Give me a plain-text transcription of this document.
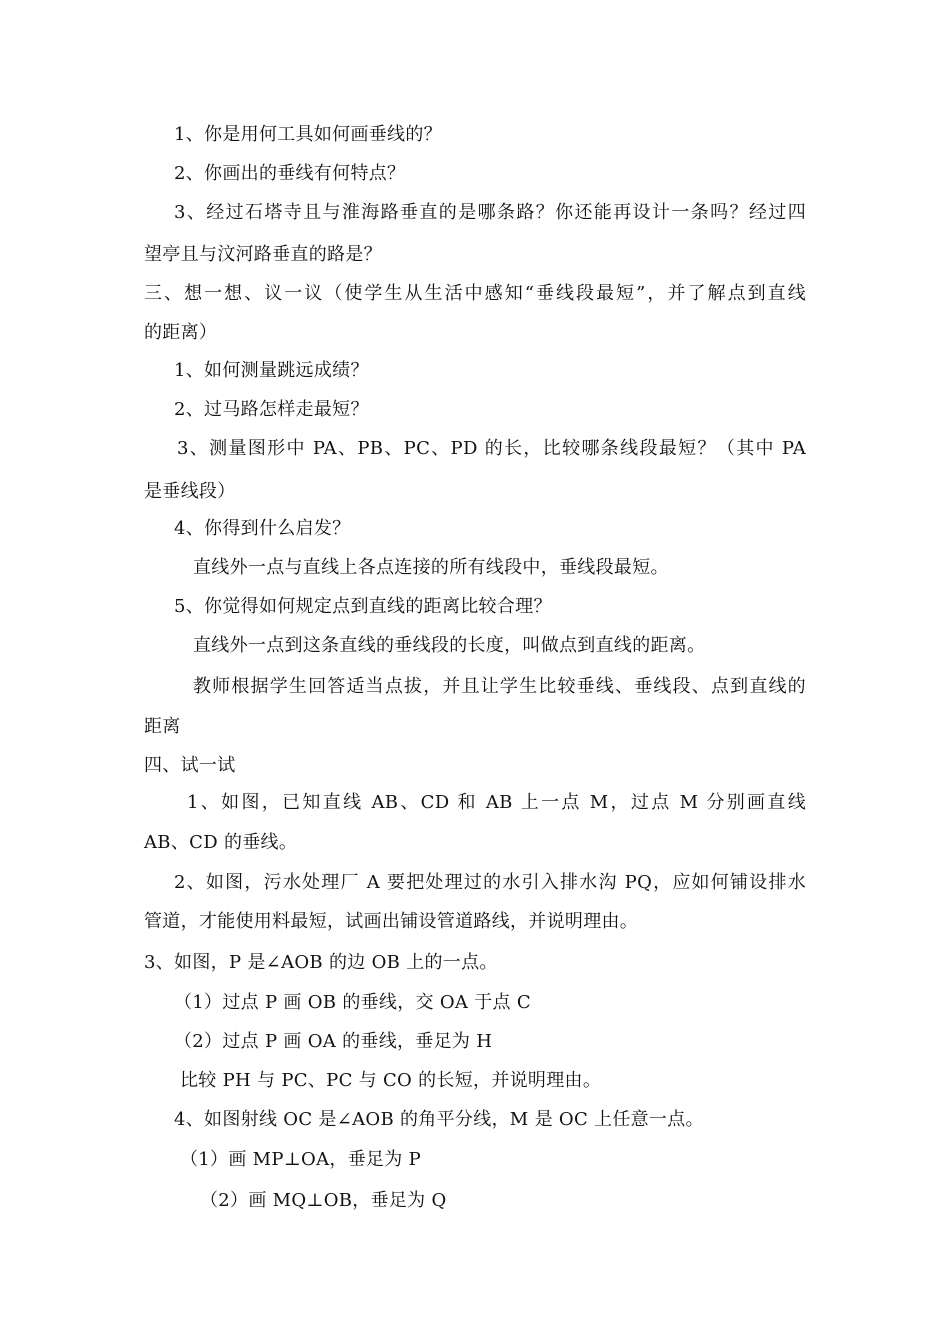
1、你是用何工具如何画垂线的？
2、你画出的垂线有何特点？
3、经过石塔寺且与淮海路垂直的是哪条路？你还能再设计一条吗？经过四
望亭且与汶河路垂直的路是？
三、想一想、议一议（使学生从生活中感知“垂线段最短”，并了解点到直线
的距离）
1、如何测量跳远成绩？
2、过马路怎样走最短？
3、测量图形中 PA、PB、PC、PD 的长，比较哪条线段最短？（其中 PA
是垂线段）
4、你得到什么启发？
直线外一点与直线上各点连接的所有线段中，垂线段最短。
5、你觉得如何规定点到直线的距离比较合理？
直线外一点到这条直线的垂线段的长度，叫做点到直线的距离。
教师根据学生回答适当点拔，并且让学生比较垂线、垂线段、点到直线的
距离
四、试一试
1、如图，已知直线 AB、CD 和 AB 上一点 M，过点 M 分别画直线
AB、CD 的垂线。
2、如图，污水处理厂 A 要把处理过的水引入排水沟 PQ，应如何铺设排水
管道，才能使用料最短，试画出铺设管道路线，并说明理由。
3、如图，P 是∠AOB 的边 OB 上的一点。
（1）过点 P 画 OB 的垂线，交 OA 于点 C
（2）过点 P 画 OA 的垂线，垂足为 H
比较 PH 与 PC、PC 与 CO 的长短，并说明理由。
4、如图射线 OC 是∠AOB 的角平分线，M 是 OC 上任意一点。
（1）画 MP⊥OA，垂足为 P
（2）画 MQ⊥OB，垂足为 Q
